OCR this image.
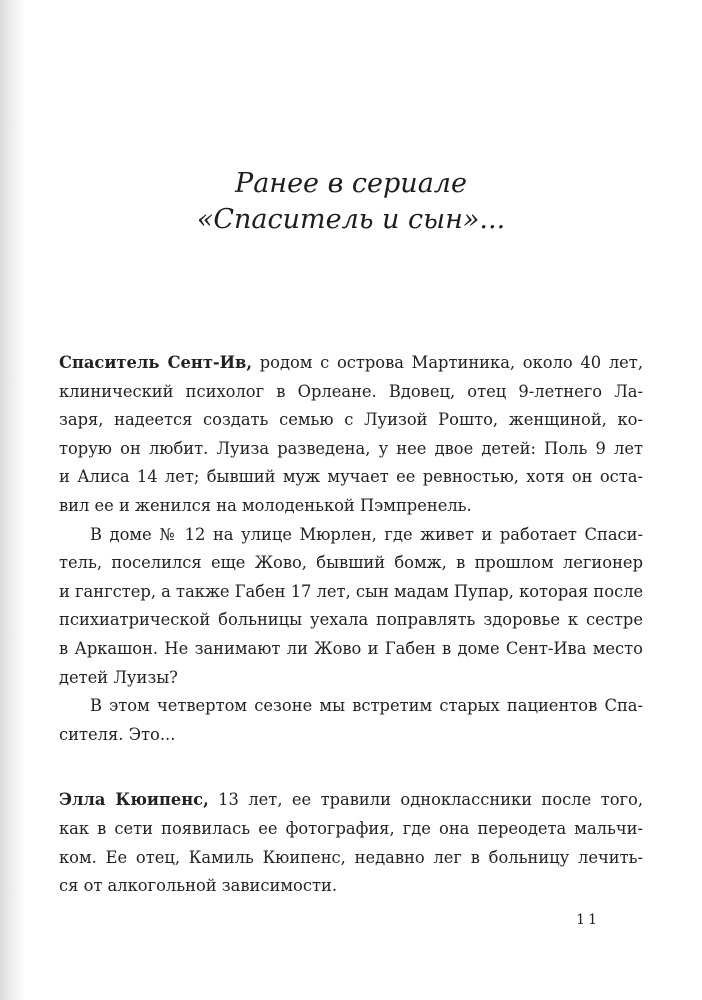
Ранее в сериале
«Спаситель и сын»...
Спаситель Сент-Ив, родом с острова Мартиника, около 40 лет,
клинический психолог в Орлеане. Вдовец, отец 9-летнего Ла-
заря, надеется создать семью с Луизой Рошто, женщиной, ко-
торую он любит. Луиза разведена, у нее двое детей: Поль 9 лет
и Алиса 14 лет; бывший муж мучает ее ревностью, хотя он оста-
вил ее и женился на молоденькой Пэмпренель.
В доме № 12 на улице Мюрлен, где живет и работает Спаси-
тель, поселился еще Жово, бывший бомж, в прошлом легионер
и гангстер, а также Габен 17 лет, сын мадам Пупар, которая после
психиатрической больницы уехала поправлять здоровье к сестре
в Аркашон. Не занимают ли Жово и Габен в доме Сент-Ива место
детей Луизы?
В этом четвертом сезоне мы встретим старых пациентов Спа-
сителя. Это...
Элла Кюипенс, 13 лет, ее травили одноклассники после того,
как в сети появилась ее фотография, где она переодета мальчи-
ком. Ее отец, Камиль Кюипенс, недавно лег в больницу лечить-
ся от алкогольной зависимости.
11
